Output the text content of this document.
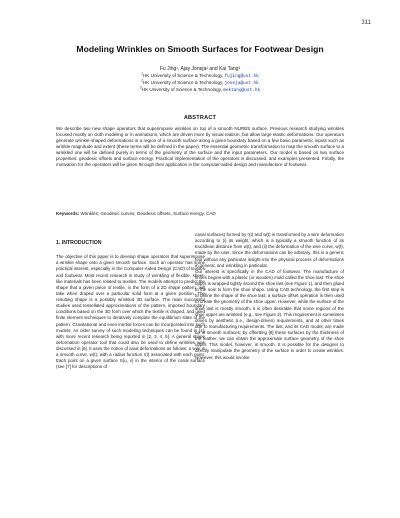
311
Modeling Wrinkles on Smooth Surfaces for Footwear Design
Fu Jing¹, Ajay Joneja² and Kai Tang³
$^1$HK University of Science & Technology, fujing@ust.hk
$^2$HK University of Science & Technology, joneja@ust.hk
$^3$HK University of Science & Technology, mektang@ust.hk
ABSTRACT
We describe two new shape operators that superimpose wrinkles on top of a smooth NURBS surface. Previous research studying wrinkles focused mostly on cloth modeling or in animations, which are driven more by visual realism, but allow large elastic deformations. Our operators generate wrinkle-shaped deformations in a region of a smooth surface along a given boundary based on a few basic parametric inputs such as wrinkle magnitude and extent (these terms will be defined in the paper). The essential geometric transformation to map the smooth surface to a wrinkled one will be defined purely in terms of the geometry of the surface and the input parameters. Our model is based on two surface properties: geodesic offsets and surface energy. Practical implementation of the operators is discussed, and examples presented. Finally, the motivation for the operators will be given through their application in the computer-aided design and manufacture of footwear.
Keywords: Wrinkles, Geodesic curves, Geodesic offsets, Surface energy, CAD
1. INTRODUCTION
The objective of this paper is to develop shape operators that superimpose a wrinkle shape onto a given smooth surface. Such an operator has some practical interest, especially in the Computer-Aided Design (CAD) of textiles and footwear. Most recent research in study of wrinkling of flexible, sheet-like materials has been related to textiles. The models attempt to predict the shape that a given piece of textile, in the form of a 2D shape pattern, will take when draped over a particular solid form at a given position. The resulting shape is a possibly wrinkled 3D surface. The main successful studies used tessellated approximations of the pattern, imposed boundary conditions based on the 3D form over which the textile is draped, and used finite element techniques to iteratively compute the equilibrium state of the pattern. Gravitational and even inertial forces can be incorporated into such models. An older survey of such modeling techniques can be found in [1], with more recent research being reported in [2, 3, 4, 5]. A general shape deformation operator tool that could also be used to define wrinkles was discussed in [6]. It uses the notion of axial deformations as follows: a wire is a smooth curve, w(t), with a radius function r(t) associated with each point. Each point on a given surface S(u, v) in the interior of the canal surface (see [7] for descriptions of
canal surfaces) formed by r(t) and w(t) is transformed by a wire deformation according to (i) its weight, which is a typically a smooth function of its Euclidean distance from w(t), and (ii) the deformation of the wire curve, w(t), made by the user. Since the deformations can be arbitrary, this is a generic tool without any particular insight into the physical process of deformations in general, and wrinkling in particular.
Our interest is specifically in the CAD of footwear. The manufacture of shoes begins with a plastic (or wooden) mold called the shoe last. The shoe upper is wrapped tightly around the shoe last (see Figure 1), and then glued to the sole to form the shoe shape. Using CAD technology, the first step is to define the shape of the shoe last; a surface offset operation is then used to create the geometry of the shoe upper. However, while the surface of the shoe last is mostly smooth, it is often desirable that some regions of the shoe upper are wrinkled (e.g., see Figure 2). This requirement is sometimes driven by aesthetic (i.e., design-driven) requirements, and at other times due to manufacturing requirements. The last, and its CAD model, are made up of smooth surfaces; by offsetting [8] these surfaces by the thickness of the leather, we can obtain the approximate surface geometry of the shoe upper. This model, however, is smooth. It is possible for the designer to directly manipulate the geometry of the surface in order to create wrinkles. However, this would involve
